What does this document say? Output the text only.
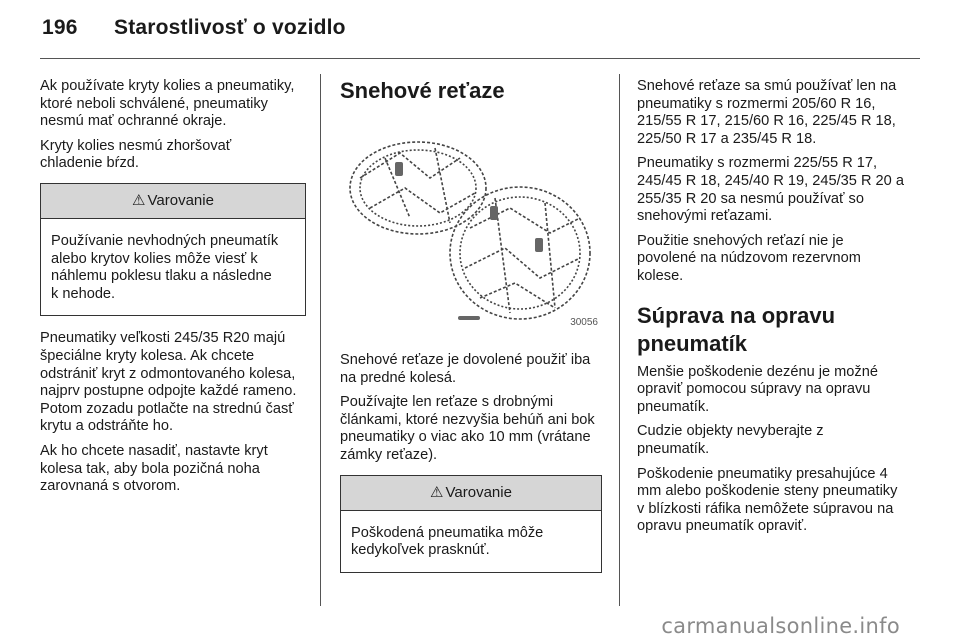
196 Starostlivosť o vozidlo

Ak používate kryty kolies a pneumatiky, ktoré neboli schválené, pneumatiky nesmú mať ochranné okraje.

Kryty kolies nesmú zhoršovať chladenie bŕzd.

⚠ Varovanie
Používanie nevhodných pneumatík alebo krytov kolies môže viesť k náhlemu poklesu tlaku a následne k nehode.

Pneumatiky veľkosti 245/35 R20 majú špeciálne kryty kolesa. Ak chcete odstrániť kryt z odmontovaného kolesa, najprv postupne odpojte každé rameno. Potom zozadu potlačte na strednú časť krytu a odstráňte ho.

Ak ho chcete nasadiť, nastavte kryt kolesa tak, aby bola pozičná noha zarovnaná s otvorom.

Snehové reťaze
30056

Snehové reťaze je dovolené použiť iba na predné kolesá.

Používajte len reťaze s drobnými článkami, ktoré nezvyšia behúň ani bok pneumatiky o viac ako 10 mm (vrátane zámky reťaze).

⚠ Varovanie
Poškodená pneumatika môže kedykoľvek prasknúť.

Snehové reťaze sa smú používať len na pneumatiky s rozmermi 205/60 R 16, 215/55 R 17, 215/60 R 16, 225/45 R 18, 225/50 R 17 a 235/45 R 18.

Pneumatiky s rozmermi 225/55 R 17, 245/45 R 18, 245/40 R 19, 245/35 R 20 a 255/35 R 20 sa nesmú používať so snehovými reťazami.

Použitie snehových reťazí nie je povolené na núdzovom rezervnom kolese.

Súprava na opravu pneumatík

Menšie poškodenie dezénu je možné opraviť pomocou súpravy na opravu pneumatík.

Cudzie objekty nevyberajte z pneumatík.

Poškodenie pneumatiky presahujúce 4 mm alebo poškodenie steny pneumatiky v blízkosti ráfika nemôžete súpravou na opravu pneumatík opraviť.

carmanualsonline.info
